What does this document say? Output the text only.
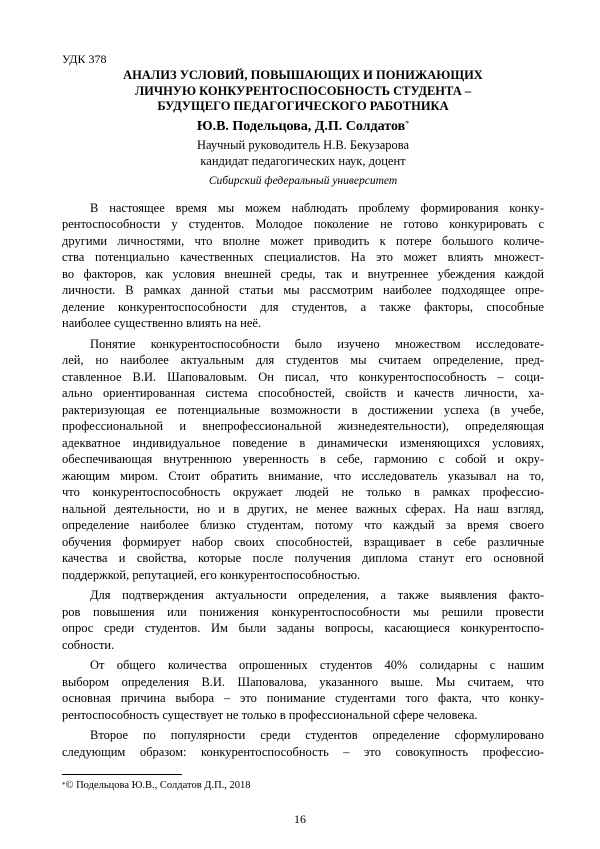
УДК 378
АНАЛИЗ УСЛОВИЙ, ПОВЫШАЮЩИХ И ПОНИЖАЮЩИХ
ЛИЧНУЮ КОНКУРЕНТОСПОСОБНОСТЬ СТУДЕНТА –
БУДУЩЕГО ПЕДАГОГИЧЕСКОГО РАБОТНИКА
Ю.В. Подельцова, Д.П. Солдатов*
Научный руководитель Н.В. Бекузарова
кандидат педагогических наук, доцент
Сибирский федеральный университет
В настоящее время мы можем наблюдать проблему формирования конку-
рентоспособности у студентов. Молодое поколение не готово конкурировать с
другими личностями, что вполне может приводить к потере большого количе-
ства потенциально качественных специалистов. На это может влиять множест-
во факторов, как условия внешней среды, так и внутреннее убеждения каждой
личности. В рамках данной статьи мы рассмотрим наиболее подходящее опре-
деление конкурентоспособности для студентов, а также факторы, способные
наиболее существенно влиять на неё.
Понятие конкурентоспособности было изучено множеством исследовате-
лей, но наиболее актуальным для студентов мы считаем определение, пред-
ставленное В.И. Шаповаловым. Он писал, что конкурентоспособность – соци-
ально ориентированная система способностей, свойств и качеств личности, ха-
рактеризующая ее потенциальные возможности в достижении успеха (в учебе,
профессиональной и внепрофессиональной жизнедеятельности), определяющая
адекватное индивидуальное поведение в динамически изменяющихся условиях,
обеспечивающая внутреннюю уверенность в себе, гармонию с собой и окру-
жающим миром. Стоит обратить внимание, что исследователь указывал на то,
что конкурентоспособность окружает людей не только в рамках профессио-
нальной деятельности, но и в других, не менее важных сферах. На наш взгляд,
определение наиболее близко студентам, потому что каждый за время своего
обучения формирует набор своих способностей, взращивает в себе различные
качества и свойства, которые после получения диплома станут его основной
поддержкой, репутацией, его конкурентоспособностью.
Для подтверждения актуальности определения, а также выявления факто-
ров повышения или понижения конкурентоспособности мы решили провести
опрос среди студентов. Им были заданы вопросы, касающиеся конкурентоспо-
собности.
От общего количества опрошенных студентов 40% солидарны с нашим
выбором определения В.И. Шаповалова, указанного выше. Мы считаем, что
основная причина выбора – это понимание студентами того факта, что конку-
рентоспособность существует не только в профессиональной сфере человека.
Второе по популярности среди студентов определение сформулировано
следующим образом: конкурентоспособность – это совокупность профессио-
*© Подельцова Ю.В., Солдатов Д.П., 2018
16
